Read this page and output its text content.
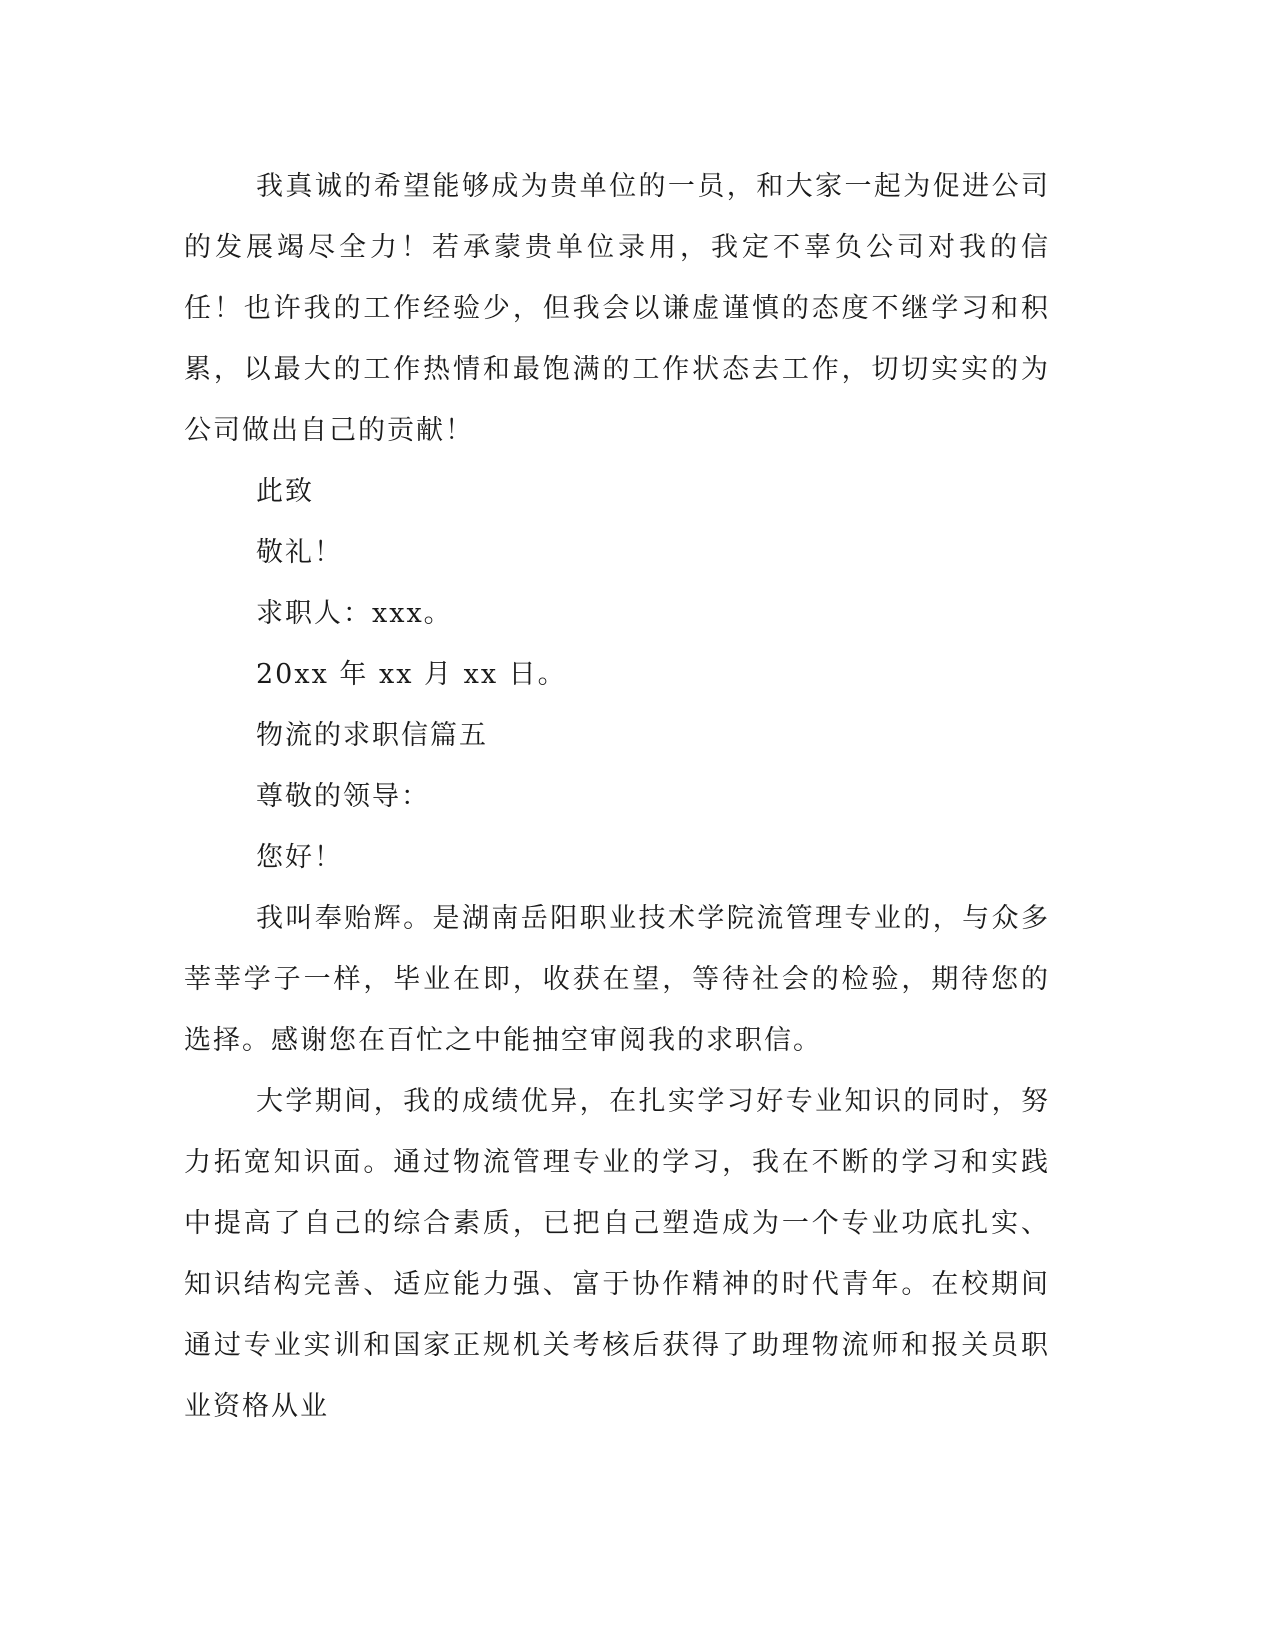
我真诚的希望能够成为贵单位的一员，和大家一起为促进公司的发展竭尽全力！若承蒙贵单位录用，我定不辜负公司对我的信任！也许我的工作经验少，但我会以谦虚谨慎的态度不继学习和积累，以最大的工作热情和最饱满的工作状态去工作，切切实实的为公司做出自己的贡献！

此致
敬礼！
求职人：xxx。
20xx 年 xx 月 xx 日。
物流的求职信篇五
尊敬的领导：
您好！

我叫奉贻辉。是湖南岳阳职业技术学院流管理专业的，与众多莘莘学子一样，毕业在即，收获在望，等待社会的检验，期待您的选择。感谢您在百忙之中能抽空审阅我的求职信。

大学期间，我的成绩优异，在扎实学习好专业知识的同时，努力拓宽知识面。通过物流管理专业的学习，我在不断的学习和实践中提高了自己的综合素质，已把自己塑造成为一个专业功底扎实、知识结构完善、适应能力强、富于协作精神的时代青年。在校期间通过专业实训和国家正规机关考核后获得了助理物流师和报关员职业资格从业
